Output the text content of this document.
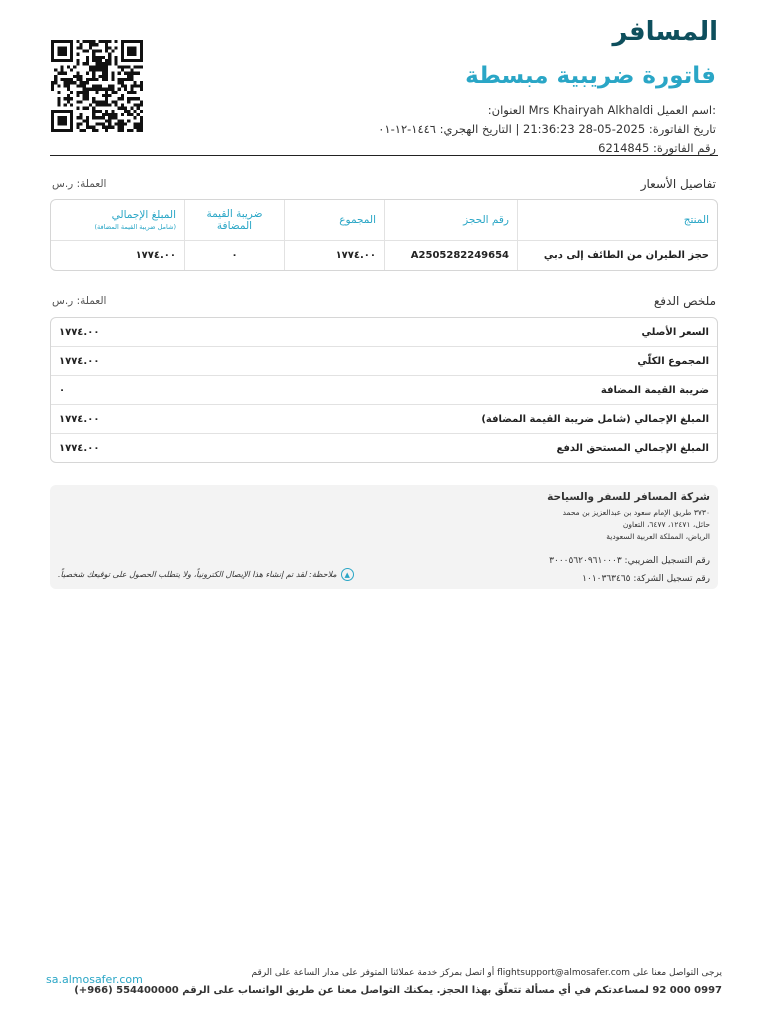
المسافر
فاتورة ضريبية مبسطة
:اسم العميل Mrs Khairyah Alkhaldi العنوان:
تاريخ الفاتورة: 2025-05-28 21:36:23 | التاريخ الهجري: ١٤٤٦-١٢-٠١
رقم الفاتورة: 6214845
تفاصيل الأسعار
العملة: ر.س
المنتج
رقم الحجز
المجموع
ضريبة القيمة المضافة
المبلغ الإجمالي
(شامل ضريبة القيمة المضافة)
حجز الطيران من الطائف إلى دبي
A2505282249654
١٧٧٤.٠٠
٠
١٧٧٤.٠٠
ملخص الدفع
العملة: ر.س
السعر الأصلي
١٧٧٤.٠٠
المجموع الكلّي
١٧٧٤.٠٠
ضريبة القيمة المضافة
٠
المبلغ الإجمالي (شامل ضريبة القيمة المضافة)
١٧٧٤.٠٠
المبلغ الإجمالي المستحق الدفع
١٧٧٤.٠٠
شركة المسافر للسفر والسياحة
٣٧٣٠ طريق الإمام سعود بن عبدالعزيز بن محمد
حائل، ١٢٤٧١، ٦٤٧٧، التعاون
الرياض، المملكة العربية السعودية
رقم التسجيل الضريبي: ٣٠٠٠٥٦٢٠٩٦١٠٠٠٣
رقم تسجيل الشركة: ١٠١٠٣٦٣٤٦٥
▲
ملاحظة: لقد تم إنشاء هذا الإيصال الكترونياً، ولا يتطلب الحصول على توقيعك شخصياً.
يرجى التواصل معنا على flightsupport@almosafer.com أو اتصل بمركز خدمة عملائنا المتوفر على مدار الساعة على الرقم
0997 000 92 لمساعدتكم في أي مسألة تتعلّق بهذا الحجز. يمكنك التواصل معنا عن طريق الواتساب على الرقم 554400000 (966+)
sa.almosafer.com
